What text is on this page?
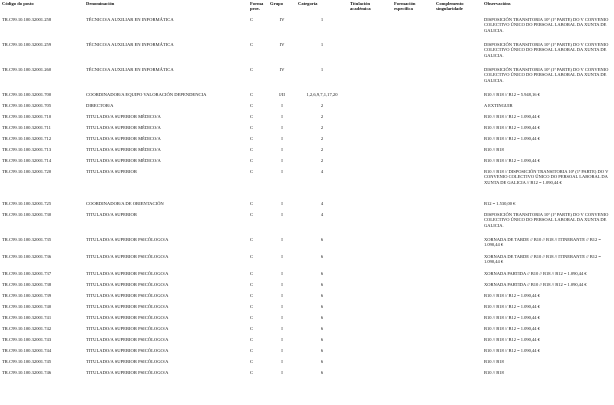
Código do posto	Denominación	Forma prov.	Grupo	Categoría	Titulación académica	Formación específica	Complemento singularidade	Observacións
TR.C99.10.100.32001.258	TÉCNICO/A AUXILIAR EN INFORMÁTICA	C	IV	1				DISPOSICIÓN TRANSITORIA 10ª (1ª PARTE) DO V CONVENIO COLECTIVO ÚNICO DO PERSOAL LABORAL DA XUNTA DE GALICIA.
TR.C99.10.100.32001.259	TÉCNICO/A AUXILIAR EN INFORMÁTICA	C	IV	1				DISPOSICIÓN TRANSITORIA 10ª (1ª PARTE) DO V CONVENIO COLECTIVO ÚNICO DO PERSOAL LABORAL DA XUNTA DE GALICIA.
TR.C99.10.100.32001.260	TÉCNICO/A AUXILIAR EN INFORMÁTICA	C	IV	1				DISPOSICIÓN TRANSITORIA 10ª (1ª PARTE) DO V CONVENIO COLECTIVO ÚNICO DO PERSOAL LABORAL DA XUNTA DE GALICIA.
TR.C99.10.100.32001.700	COORDINADOR/A EQUIPO VALORACIÓN DEPENDENCIA	C	I/II	1,2,6,9,7,1,17,20				B10 // B18 // B12 = 5.948,16 €
TR.C99.10.100.32001.705	DIRECTOR/A	C	I	2				A EXTINGUIR
TR.C99.10.100.32001.710	TITULADO/A SUPERIOR MÉDICO/A	C	I	2				B10 // B18 // B12 = 1.090,44 €
TR.C99.10.100.32001.711	TITULADO/A SUPERIOR MÉDICO/A	C	I	2				B10 // B18 // B12 = 1.090,44 €
TR.C99.10.100.32001.712	TITULADO/A SUPERIOR MÉDICO/A	C	I	2				B10 // B18 // B12 = 1.090,44 €
TR.C99.10.100.32001.713	TITULADO/A SUPERIOR MÉDICO/A	C	I	2				B10 // B18
TR.C99.10.100.32001.714	TITULADO/A SUPERIOR MÉDICO/A	C	I	2				B10 // B18 // B12 = 1.090,44 €
TR.C99.10.100.32001.720	TITULADO/A SUPERIOR	C	I	4				B10 // B18 // DISPOSICIÓN TRANSITORIA 10ª (1ª PARTE) DO V CONVENIO COLECTIVO ÚNICO DO PERSOAL LABORAL DA XUNTA DE GALICIA // B12 = 1.090,44 €
TR.C99.10.100.32001.725	COORDINADOR/A DE ORIENTACIÓN	C	I	4				B12 = 1.530,00 €
TR.C99.10.100.32001.730	TITULADO/A SUPERIOR	C	I	4				DISPOSICIÓN TRANSITORIA 10ª (1ª PARTE) DO V CONVENIO COLECTIVO ÚNICO DO PERSOAL LABORAL DA XUNTA DE GALICIA.
TR.C99.10.100.32001.735	TITULADO/A SUPERIOR PSICÓLOGO/A	C	I	6				XORNADA DE TARDE // B10 // B18 // ITINERANTE // B12 = 1.090,44 €
TR.C99.10.100.32001.736	TITULADO/A SUPERIOR PSICÓLOGO/A	C	I	6				XORNADA DE TARDE // B10 // B18 // ITINERANTE // B12 = 1.090,44 €
TR.C99.10.100.32001.737	TITULADO/A SUPERIOR PSICÓLOGO/A	C	I	6				XORNADA PARTIDA // B10 // B18 // B12 = 1.090,44 €
TR.C99.10.100.32001.738	TITULADO/A SUPERIOR PSICÓLOGO/A	C	I	6				XORNADA PARTIDA // B10 // B18 // B12 = 1.090,44 €
TR.C99.10.100.32001.739	TITULADO/A SUPERIOR PSICÓLOGO/A	C	I	6				B10 // B18 // B12 = 1.090,44 €
TR.C99.10.100.32001.740	TITULADO/A SUPERIOR PSICÓLOGO/A	C	I	6				B10 // B18 // B12 = 1.090,44 €
TR.C99.10.100.32001.741	TITULADO/A SUPERIOR PSICÓLOGO/A	C	I	6				B10 // B18 // B12 = 1.090,44 €
TR.C99.10.100.32001.742	TITULADO/A SUPERIOR PSICÓLOGO/A	C	I	6				B10 // B18 // B12 = 1.090,44 €
TR.C99.10.100.32001.743	TITULADO/A SUPERIOR PSICÓLOGO/A	C	I	6				B10 // B18 // B12 = 1.090,44 €
TR.C99.10.100.32001.744	TITULADO/A SUPERIOR PSICÓLOGO/A	C	I	6				B10 // B18 // B12 = 1.090,44 €
TR.C99.10.100.32001.745	TITULADO/A SUPERIOR PSICÓLOGO/A	C	I	6				B10 // B18
TR.C99.10.100.32001.746	TITULADO/A SUPERIOR PSICÓLOGO/A	C	I	6				B10 // B18
